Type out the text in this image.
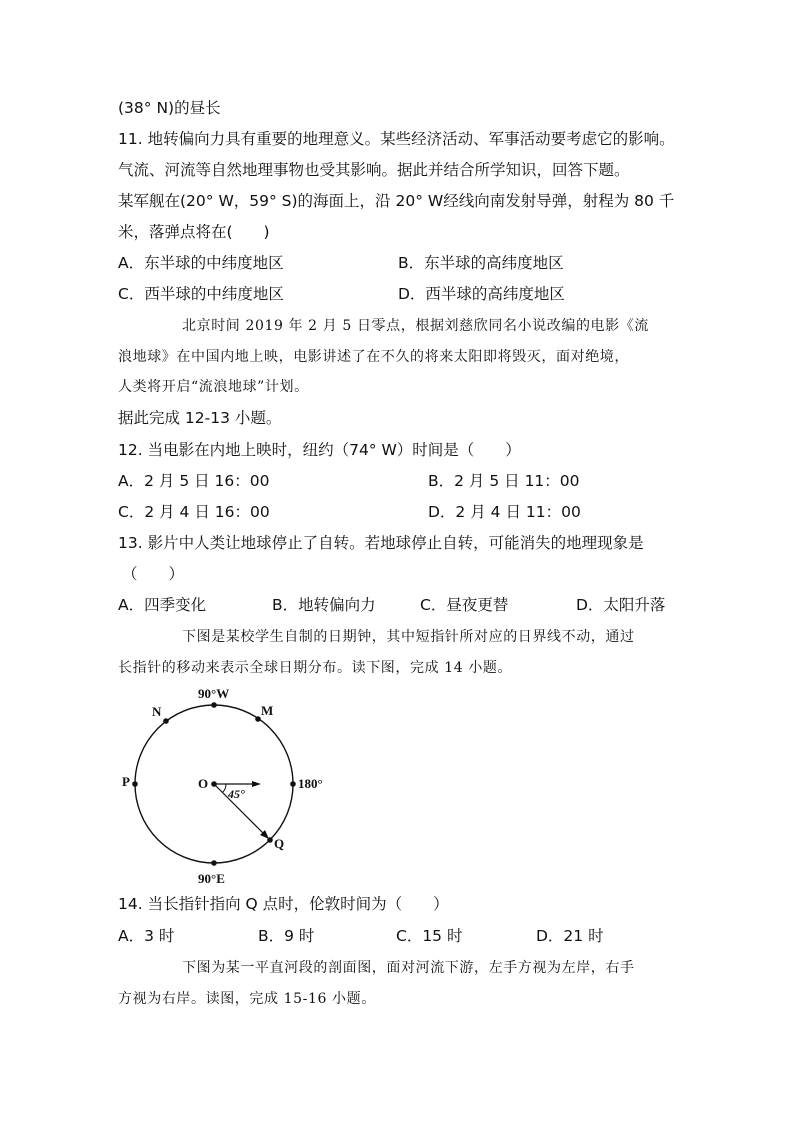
(38° N)的昼长
11. 地转偏向力具有重要的地理意义。某些经济活动、军事活动要考虑它的影响。
气流、河流等自然地理事物也受其影响。据此并结合所学知识，回答下题。
某军舰在(20° W，59° S)的海面上，沿 20° W经线向南发射导弹，射程为 80 千
米，落弹点将在(　　)
A．东半球的中纬度地区	B．东半球的高纬度地区
C．西半球的中纬度地区	D．西半球的高纬度地区
北京时间 2019 年 2 月 5 日零点，根据刘慈欣同名小说改编的电影《流
浪地球》在中国内地上映，电影讲述了在不久的将来太阳即将毁灭，面对绝境，
人类将开启“流浪地球”计划。
据此完成 12-13 小题。
12. 当电影在内地上映时，纽约（74° W）时间是（　　）
A．2 月 5 日 16：00	B．2 月 5 日 11：00
C．2 月 4 日 16：00	D．2 月 4 日 11：00
13. 影片中人类让地球停止了自转。若地球停止自转，可能消失的地理现象是
（　　）
A．四季变化	B．地转偏向力	C．昼夜更替	D．太阳升落
下图是某校学生自制的日期钟，其中短指针所对应的日界线不动，通过
长指针的移动来表示全球日期分布。读下图，完成 14 小题。
90°W
N	M
P	O
45°
180°
Q
90°E
14. 当长指针指向 Q 点时，伦敦时间为（　　）
A．3 时	B．9 时	C．15 时	D．21 时
下图为某一平直河段的剖面图，面对河流下游，左手方视为左岸，右手
方视为右岸。读图，完成 15-16 小题。
